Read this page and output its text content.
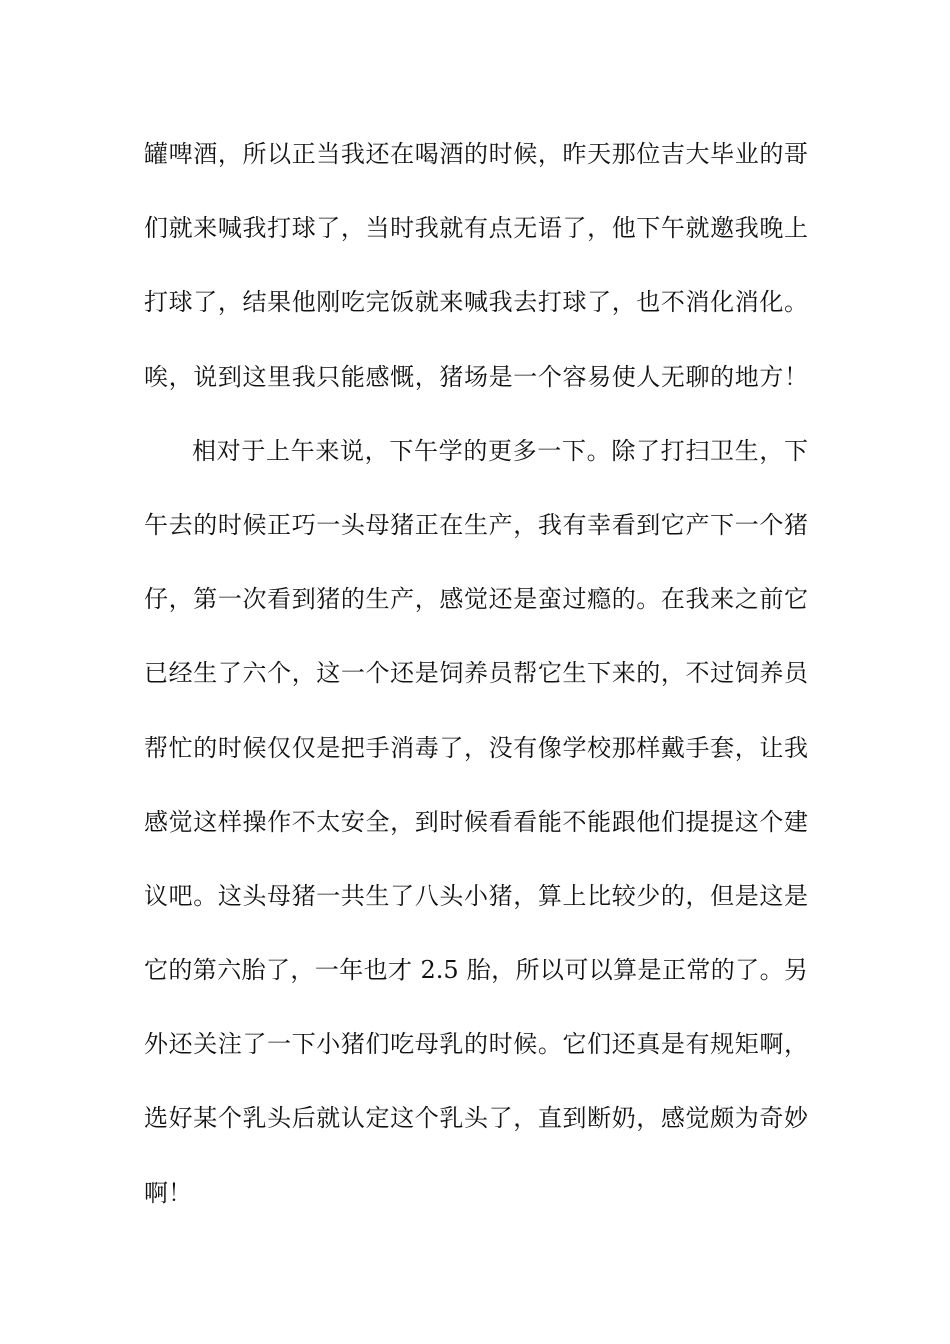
罐啤酒，所以正当我还在喝酒的时候，昨天那位吉大毕业的哥
们就来喊我打球了，当时我就有点无语了，他下午就邀我晚上
打球了，结果他刚吃完饭就来喊我去打球了，也不消化消化。
唉，说到这里我只能感慨，猪场是一个容易使人无聊的地方！
相对于上午来说，下午学的更多一下。除了打扫卫生，下
午去的时候正巧一头母猪正在生产，我有幸看到它产下一个猪
仔，第一次看到猪的生产，感觉还是蛮过瘾的。在我来之前它
已经生了六个，这一个还是饲养员帮它生下来的，不过饲养员
帮忙的时候仅仅是把手消毒了，没有像学校那样戴手套，让我
感觉这样操作不太安全，到时候看看能不能跟他们提提这个建
议吧。这头母猪一共生了八头小猪，算上比较少的，但是这是
它的第六胎了，一年也才 2.5 胎，所以可以算是正常的了。另
外还关注了一下小猪们吃母乳的时候。它们还真是有规矩啊，
选好某个乳头后就认定这个乳头了，直到断奶，感觉颇为奇妙
啊！
